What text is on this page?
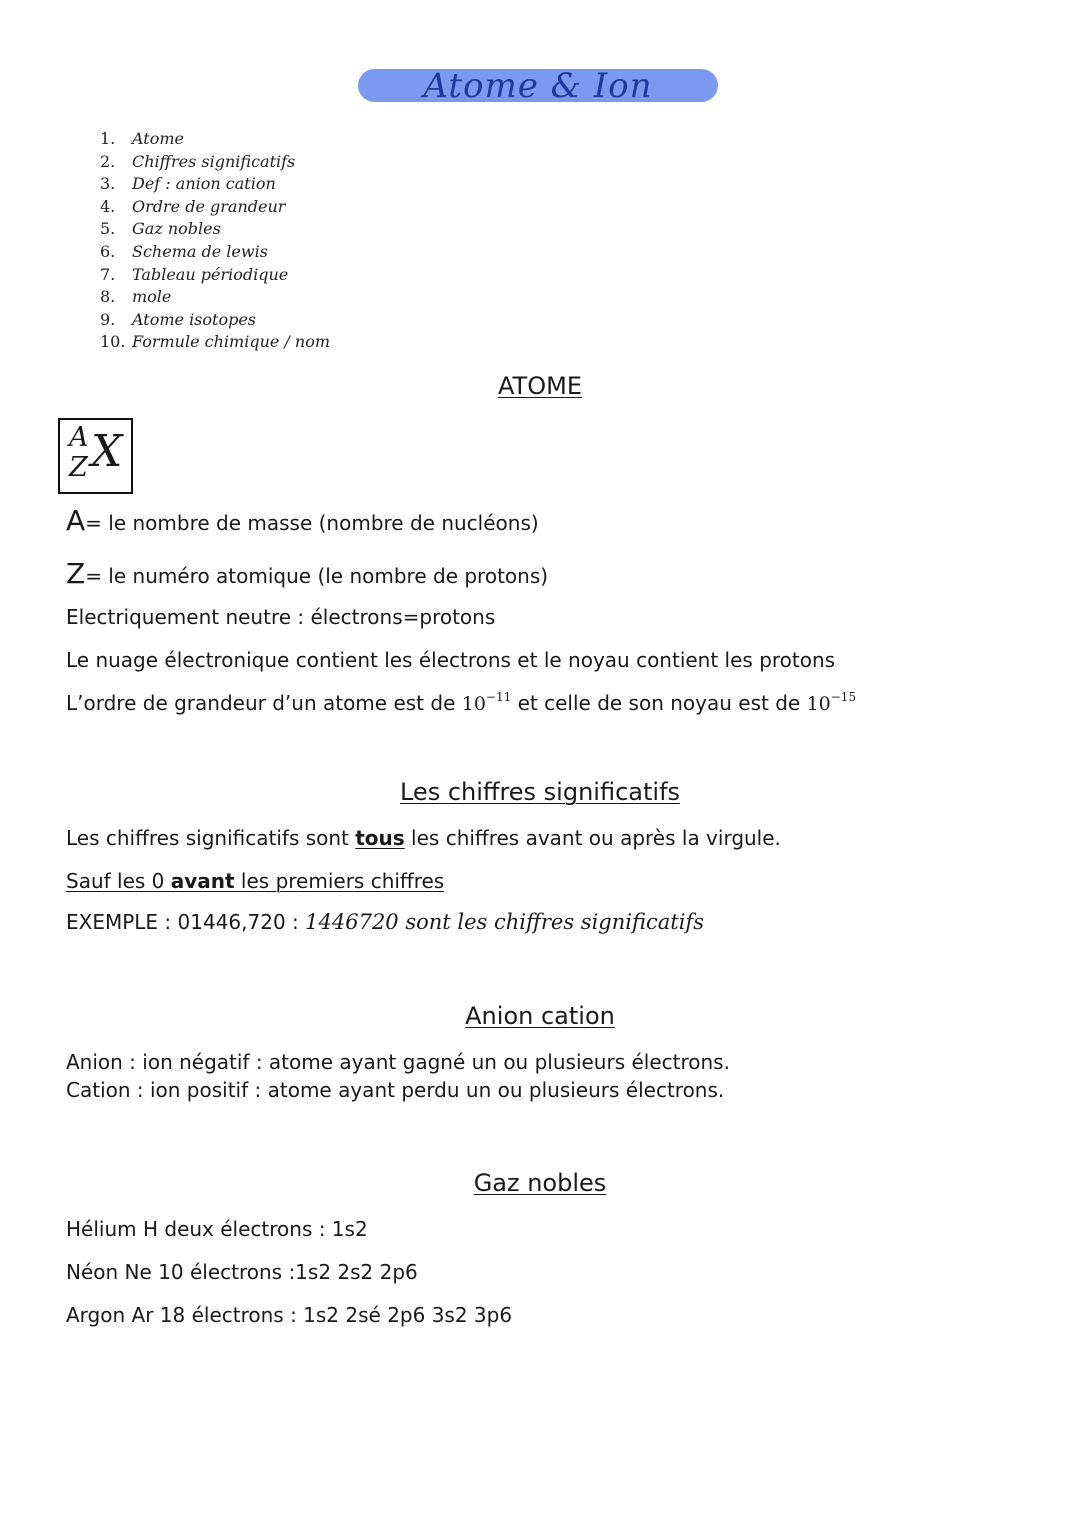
Atome & Ion
1. Atome
2. Chiffres significatifs
3. Def : anion cation
4. Ordre de grandeur
5. Gaz nobles
6. Schema de lewis
7. Tableau périodique
8. mole
9. Atome isotopes
10. Formule chimique / nom
ATOME
A
Z X
A= le nombre de masse (nombre de nucléons)
Z= le numéro atomique (le nombre de protons)
Electriquement neutre : électrons=protons
Le nuage électronique contient les électrons et le noyau contient les protons
L’ordre de grandeur d’un atome est de $10^{-11}$ et celle de son noyau est de $10^{-15}$
Les chiffres significatifs
Les chiffres significatifs sont tous les chiffres avant ou après la virgule.
Sauf les 0 avant les premiers chiffres
EXEMPLE : 01446,720 : 1446720 sont les chiffres significatifs
Anion cation
Anion : ion négatif : atome ayant gagné un ou plusieurs électrons.
Cation : ion positif : atome ayant perdu un ou plusieurs électrons.
Gaz nobles
Hélium H deux électrons : 1s2
Néon Ne 10 électrons :1s2 2s2 2p6
Argon Ar 18 électrons : 1s2 2sé 2p6 3s2 3p6
